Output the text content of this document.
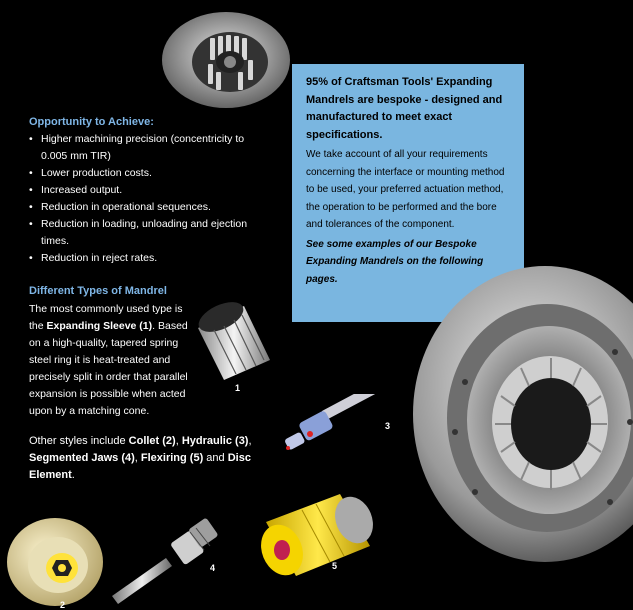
Opportunity to Achieve:
• Higher machining precision (concentricity to 0.005 mm TIR)
• Lower production costs.
• Increased output.
• Reduction in operational sequences.
• Reduction in loading, unloading and ejection times.
• Reduction in reject rates.
Different Types of Mandrel
The most commonly used type is the Expanding Sleeve (1). Based on a high-quality, tapered spring steel ring it is heat-treated and precisely split in order that parallel expansion is possible when acted upon by a matching cone.
Other styles include Collet (2), Hydraulic (3), Segmented Jaws (4), Flexiring (5) and Disc Element.
95% of Craftsman Tools' Expanding Mandrels are bespoke - designed and manufactured to meet exact specifications.
We take account of all your requirements concerning the interface or mounting method to be used, your preferred actuation method, the operation to be performed and the bore and tolerances of the component.
See some examples of our Bespoke Expanding Mandrels on the following pages.
1
3
2
4	5
